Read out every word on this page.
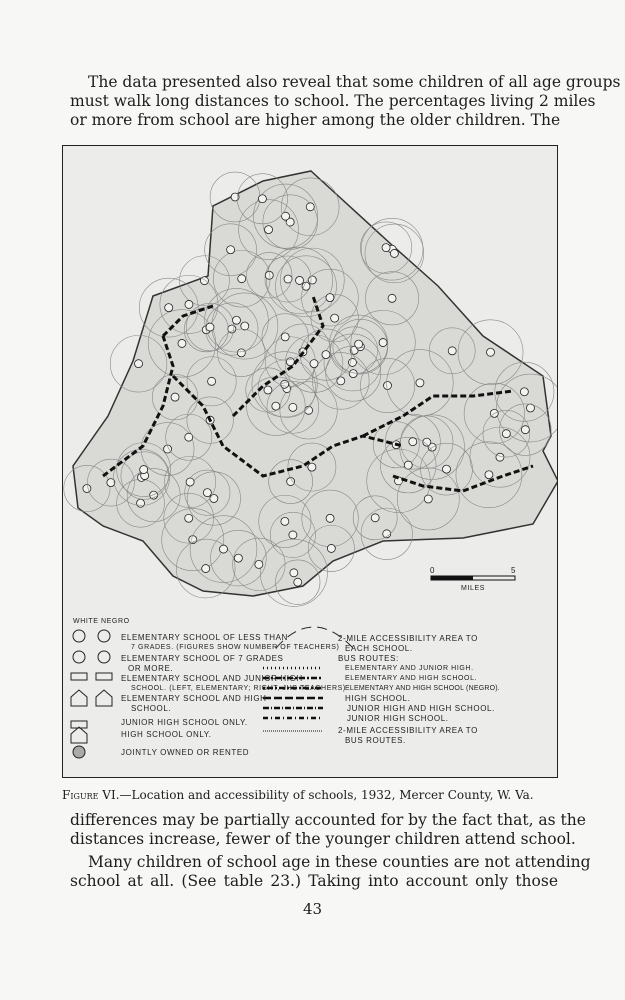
The data presented also reveal that some children of all age groups
must walk long distances to school. The percentages living 2 miles
or more from school are higher among the older children. The
0	5
MILES
WHITE NEGRO
ELEMENTARY SCHOOL OF LESS THAN
7 GRADES. (FIGURES SHOW NUMBER OF TEACHERS)
ELEMENTARY SCHOOL OF 7 GRADES
OR MORE.
ELEMENTARY SCHOOL AND JUNIOR HIGH
SCHOOL. (LEFT, ELEMENTARY; RIGHT, JHS TEACHERS)
ELEMENTARY SCHOOL AND HIGH
SCHOOL.
JUNIOR HIGH SCHOOL ONLY.
HIGH SCHOOL ONLY.
JOINTLY OWNED OR RENTED
2-MILE ACCESSIBILITY AREA TO
EACH SCHOOL.
BUS ROUTES:
ELEMENTARY AND JUNIOR HIGH.
ELEMENTARY AND HIGH SCHOOL.
ELEMENTARY AND HIGH SCHOOL (NEGRO).
HIGH SCHOOL.
JUNIOR HIGH AND HIGH SCHOOL.
JUNIOR HIGH SCHOOL.
2-MILE ACCESSIBILITY AREA TO
BUS ROUTES.
Figure VI.—Location and accessibility of schools, 1932, Mercer County, W. Va.
differences may be partially accounted for by the fact that, as the
distances increase, fewer of the younger children attend school.
Many children of school age in these counties are not attending
school at all. (See table 23.) Taking into account only those
43
